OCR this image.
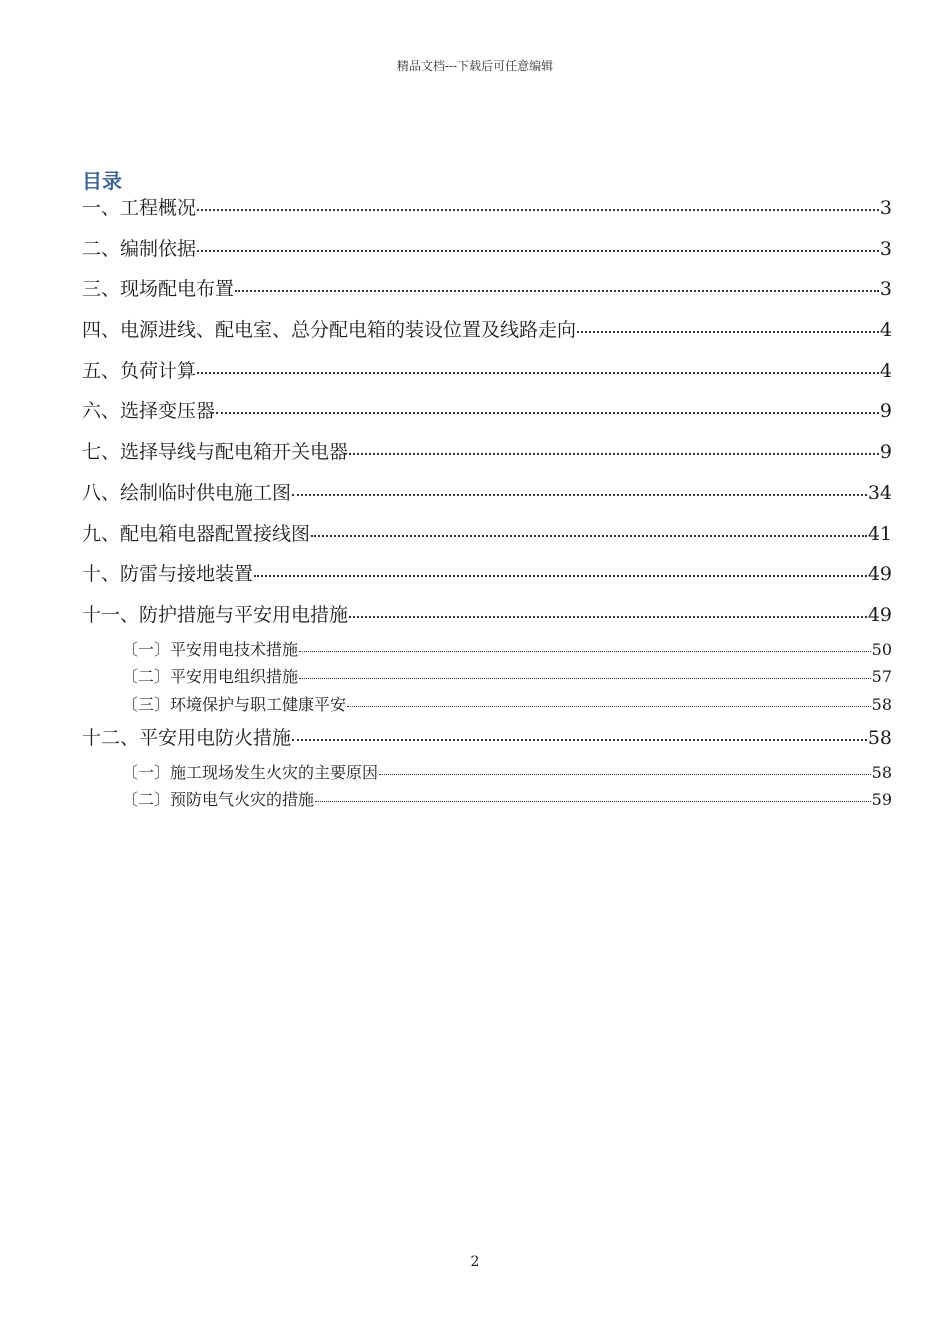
精品文档---下载后可任意编辑
目录
一、工程概况	3
二、编制依据	3
三、现场配电布置	3
四、电源进线、配电室、总分配电箱的装设位置及线路走向	4
五、负荷计算	4
六、选择变压器	9
七、选择导线与配电箱开关电器	9
八、绘制临时供电施工图	34
九、配电箱电器配置接线图	41
十、防雷与接地装置	49
十一、防护措施与平安用电措施	49
〔一〕平安用电技术措施	50
〔二〕平安用电组织措施	57
〔三〕环境保护与职工健康平安	58
十二、平安用电防火措施	58
〔一〕施工现场发生火灾的主要原因	58
〔二〕预防电气火灾的措施	59
2
